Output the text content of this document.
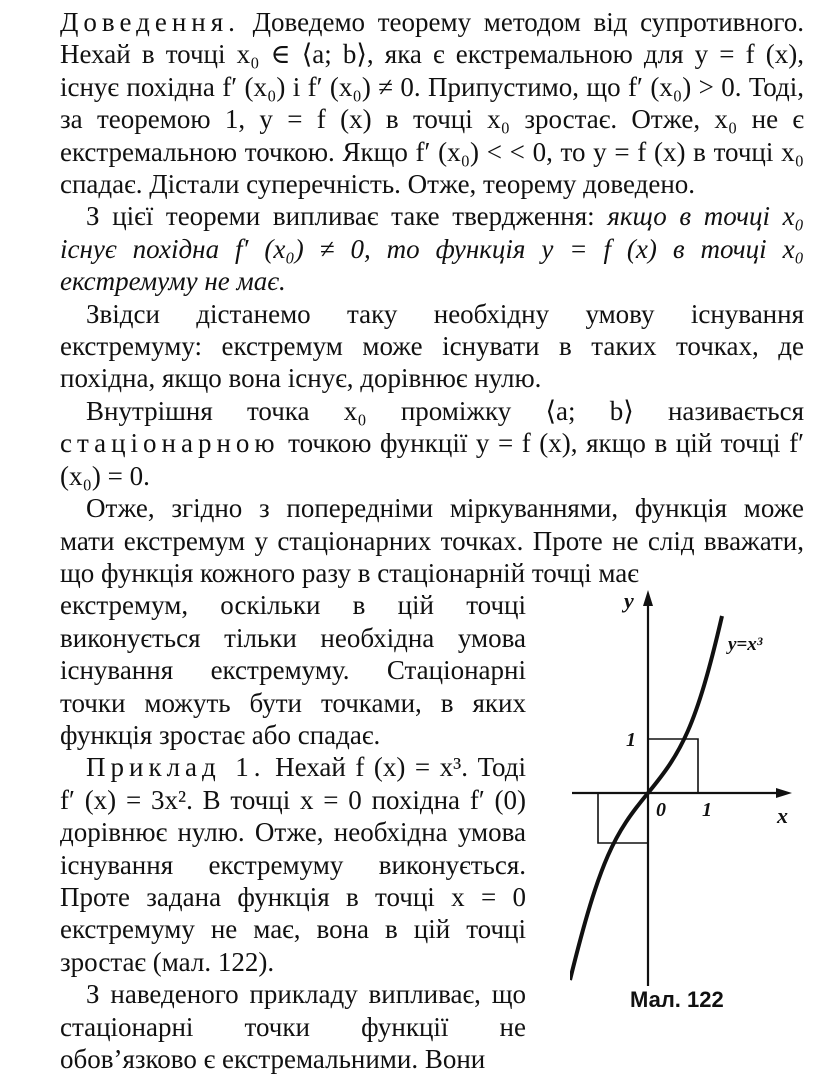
Доведення. Доведемо теорему методом від супротивного. Нехай в точці x₀ ∈ ⟨a; b⟩, яка є екстремальною для y = f (x), існує похідна f′ (x₀) і f′ (x₀) ≠ 0. Припустимо, що f′ (x₀) > 0. Тоді, за теоремою 1, y = f (x) в точці x₀ зростає. Отже, x₀ не є екстремальною точкою. Якщо f′ (x₀) < < 0, то y = f (x) в точці x₀ спадає. Дістали суперечність. Отже, теорему доведено.

З цієї теореми випливає таке твердження: якщо в точці x₀ існує похідна f′ (x₀) ≠ 0, то функція y = f (x) в точці x₀ екстремуму не має.

Звідси дістанемо таку необхідну умову існування екстремуму: екстремум може існувати в таких точках, де похідна, якщо вона існує, дорівнює нулю.

Внутрішня точка x₀ проміжку ⟨a; b⟩ називається стаціонарною точкою функції y = f (x), якщо в цій точці f′ (x₀) = 0.

Отже, згідно з попередніми міркуваннями, функція може мати екстремум у стаціонарних точках. Проте не слід вважати, що функція кожного разу в стаціонарній точці має

екстремум, оскільки в цій точці виконується тільки необхідна умова існування екстремуму. Стаціонарні точки можуть бути точками, в яких функція зростає або спадає.

Приклад 1. Нехай f (x) = x³. Тоді f′ (x) = 3x². В точці x = 0 похідна f′ (0) дорівнює нулю. Отже, необхідна умова існування екстремуму виконується. Проте задана функція в точці x = 0 екстремуму не має, вона в цій точці зростає (мал. 122).

З наведеного прикладу випливає, що стаціонарні точки функції не обов’язково є екстремальними. Вони

y
x
y=x³
1
0 1
Мал. 122
